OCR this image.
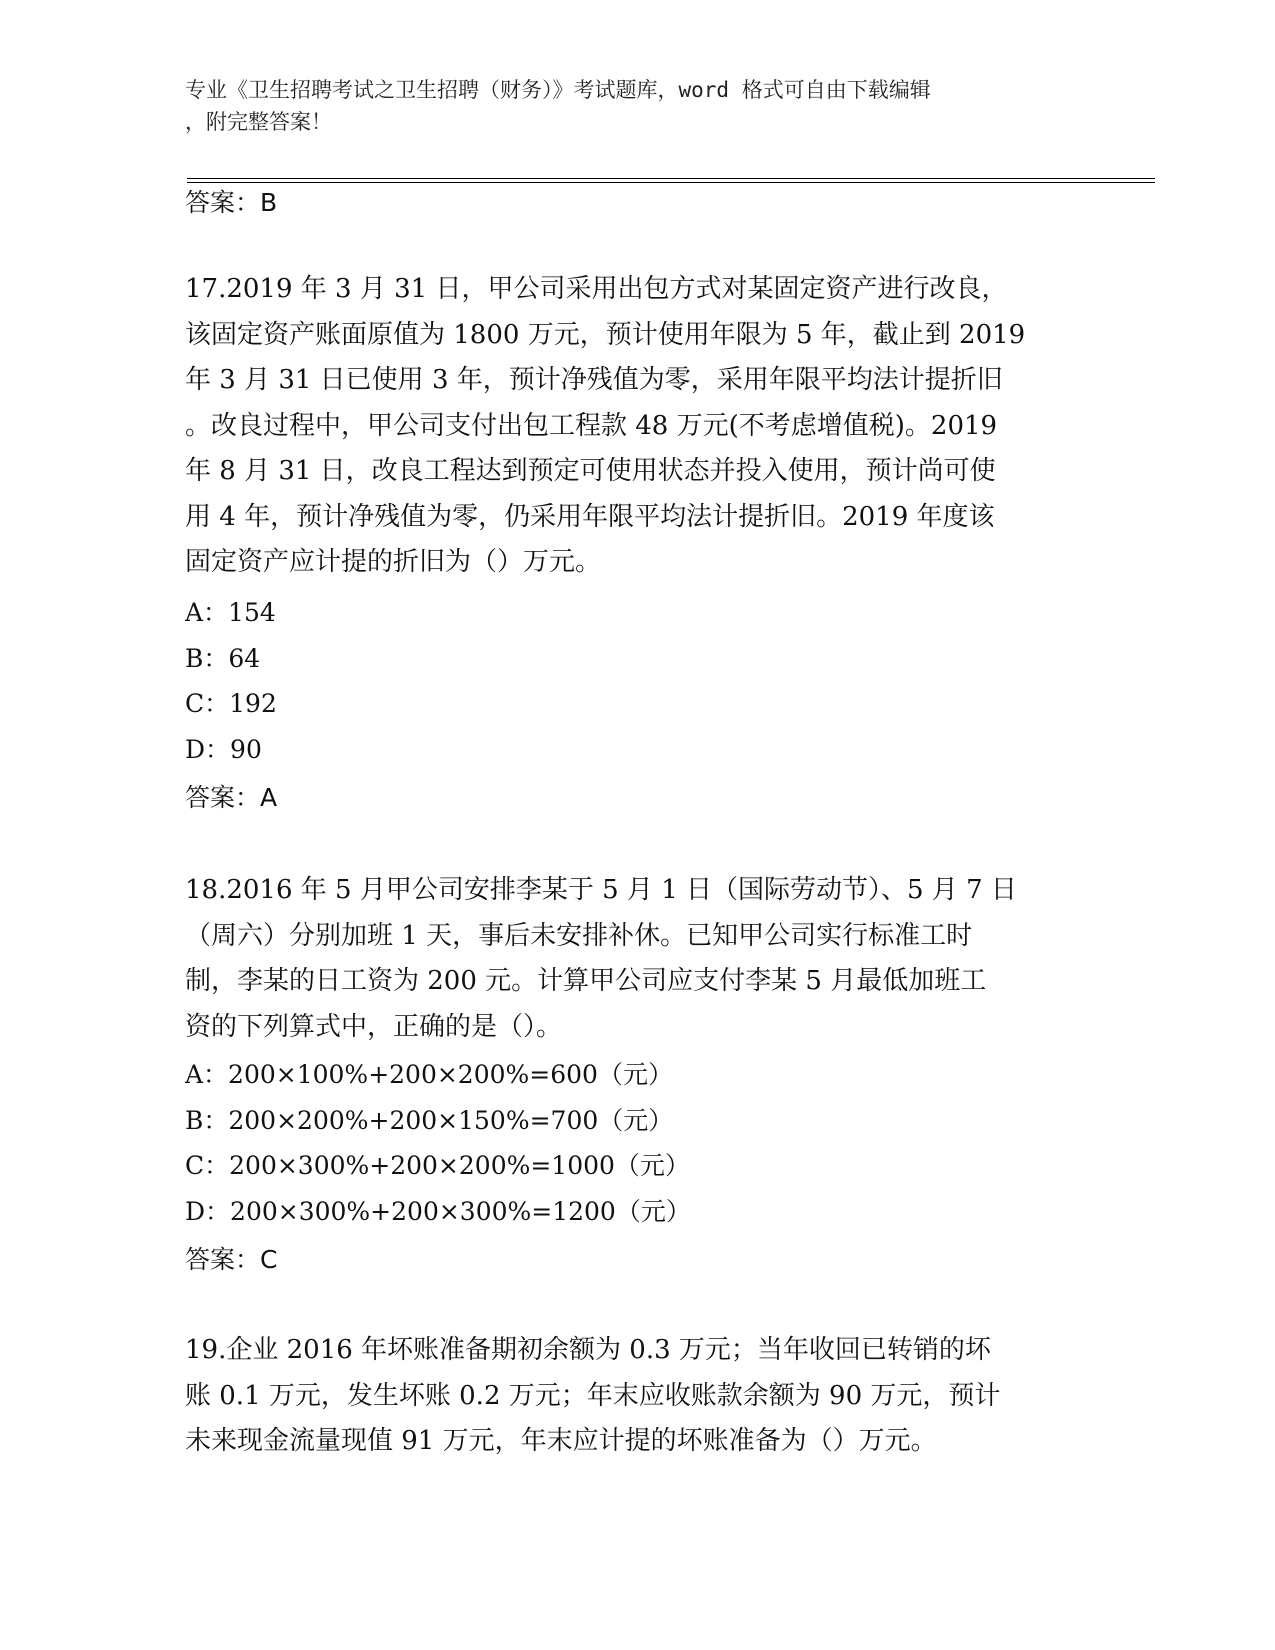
专业《卫生招聘考试之卫生招聘（财务）》考试题库，word 格式可自由下载编辑
，附完整答案！
答案：B
17.2019 年 3 月 31 日，甲公司采用出包方式对某固定资产进行改良，
该固定资产账面原值为 1800 万元，预计使用年限为 5 年，截止到 2019
年 3 月 31 日已使用 3 年，预计净残值为零，采用年限平均法计提折旧
。改良过程中，甲公司支付出包工程款 48 万元(不考虑增值税)。2019
年 8 月 31 日，改良工程达到预定可使用状态并投入使用，预计尚可使
用 4 年，预计净残值为零，仍采用年限平均法计提折旧。2019 年度该
固定资产应计提的折旧为（）万元。
A：154
B：64
C：192
D：90
答案：A
18.2016 年 5 月甲公司安排李某于 5 月 1 日（国际劳动节）、5 月 7 日
（周六）分别加班 1 天，事后未安排补休。已知甲公司实行标准工时
制，李某的日工资为 200 元。计算甲公司应支付李某 5 月最低加班工
资的下列算式中，正确的是（）。
A：200×100%+200×200%=600（元）
B：200×200%+200×150%=700（元）
C：200×300%+200×200%=1000（元）
D：200×300%+200×300%=1200（元）
答案：C
19.企业 2016 年坏账准备期初余额为 0.3 万元；当年收回已转销的坏
账 0.1 万元，发生坏账 0.2 万元；年末应收账款余额为 90 万元，预计
未来现金流量现值 91 万元，年末应计提的坏账准备为（）万元。
